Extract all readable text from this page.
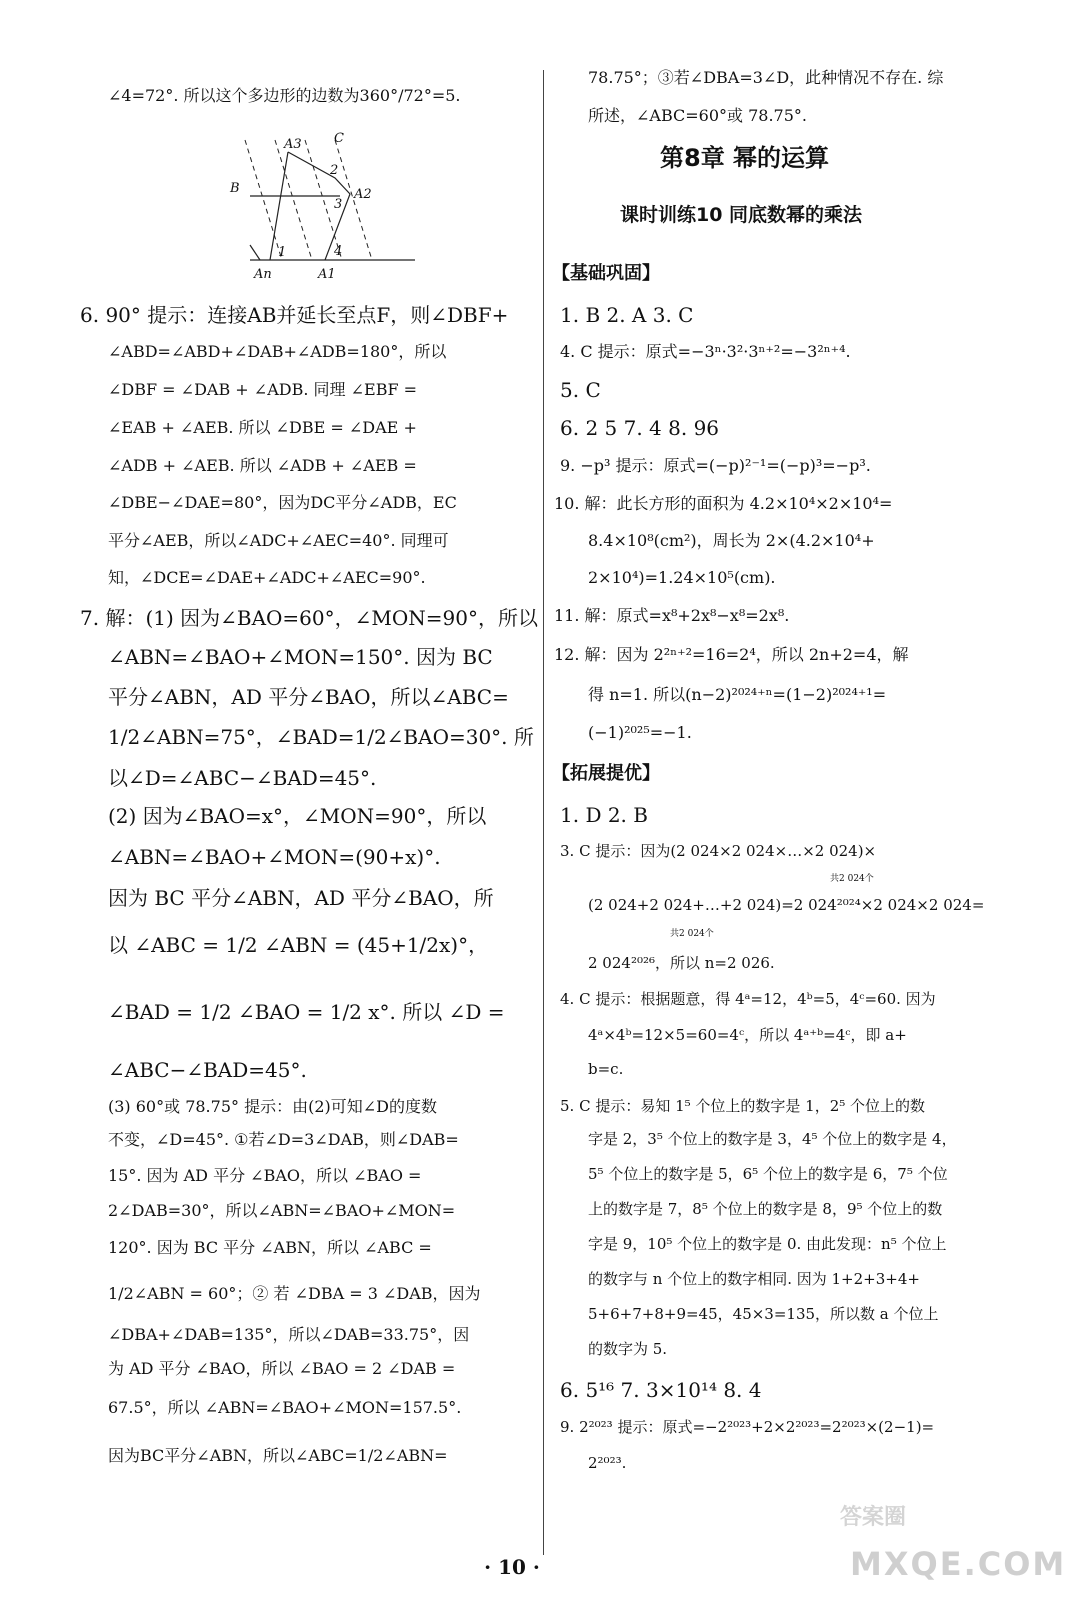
∠4=72°. 所以这个多边形的边数为360°/72°=5.
6. 90° 提示：连接AB并延长至点F，则∠DBF+
∠ABD=∠ABD+∠DAB+∠ADB=180°，所以
∠DBF = ∠DAB + ∠ADB. 同理 ∠EBF =
∠EAB + ∠AEB. 所以 ∠DBE = ∠DAE +
∠ADB + ∠AEB. 所以 ∠ADB + ∠AEB =
∠DBE−∠DAE=80°，因为DC平分∠ADB，EC
平分∠AEB，所以∠ADC+∠AEC=40°. 同理可
知，∠DCE=∠DAE+∠ADC+∠AEC=90°.
7. 解：(1) 因为∠BAO=60°，∠MON=90°，所以
∠ABN=∠BAO+∠MON=150°. 因为 BC
平分∠ABN，AD 平分∠BAO，所以∠ABC=
1/2∠ABN=75°，∠BAD=1/2∠BAO=30°. 所
以∠D=∠ABC−∠BAD=45°.
(2) 因为∠BAO=x°，∠MON=90°，所以
∠ABN=∠BAO+∠MON=(90+x)°.
因为 BC 平分∠ABN，AD 平分∠BAO，所
以 ∠ABC = 1/2 ∠ABN = (45+1/2x)°，
∠BAD = 1/2 ∠BAO = 1/2 x°. 所以 ∠D =
∠ABC−∠BAD=45°.
(3) 60°或 78.75° 提示：由(2)可知∠D的度数
不变，∠D=45°. ①若∠D=3∠DAB，则∠DAB=
15°. 因为 AD 平分 ∠BAO，所以 ∠BAO =
2∠DAB=30°，所以∠ABN=∠BAO+∠MON=
120°. 因为 BC 平分 ∠ABN，所以 ∠ABC =
1/2∠ABN = 60°；② 若 ∠DBA = 3 ∠DAB，因为
∠DBA+∠DAB=135°，所以∠DAB=33.75°，因
为 AD 平分 ∠BAO，所以 ∠BAO = 2 ∠DAB =
67.5°，所以 ∠ABN=∠BAO+∠MON=157.5°.
因为BC平分∠ABN，所以∠ABC=1/2∠ABN=
A3 C
2
B	A2
3
1	4
An	A1
78.75°；③若∠DBA=3∠D，此种情况不存在. 综
所述，∠ABC=60°或 78.75°.
第8章 幂的运算
课时训练10 同底数幂的乘法
【基础巩固】
1. B 2. A 3. C
4. C 提示：原式=−3ⁿ·3²·3ⁿ⁺²=−3²ⁿ⁺⁴.
5. C
6. 2 5 7. 4 8. 96
9. −p³ 提示：原式=(−p)²⁻¹=(−p)³=−p³.
10. 解：此长方形的面积为 4.2×10⁴×2×10⁴=
8.4×10⁸(cm²)，周长为 2×(4.2×10⁴+
2×10⁴)=1.24×10⁵(cm).
11. 解：原式=x⁸+2x⁸−x⁸=2x⁸.
12. 解：因为 2²ⁿ⁺²=16=2⁴，所以 2n+2=4，解
得 n=1. 所以(n−2)²⁰²⁴⁺ⁿ=(1−2)²⁰²⁴⁺¹=
(−1)²⁰²⁵=−1.
【拓展提优】
1. D 2. B
3. C 提示：因为(2 024×2 024×…×2 024)×
共2 024个
(2 024+2 024+…+2 024)=2 024²⁰²⁴×2 024×2 024=
共2 024个
2 024²⁰²⁶，所以 n=2 026.
4. C 提示：根据题意，得 4ᵃ=12，4ᵇ=5，4ᶜ=60. 因为
4ᵃ×4ᵇ=12×5=60=4ᶜ，所以 4ᵃ⁺ᵇ=4ᶜ，即 a+
b=c.
5. C 提示：易知 1⁵ 个位上的数字是 1，2⁵ 个位上的数
字是 2，3⁵ 个位上的数字是 3，4⁵ 个位上的数字是 4，
5⁵ 个位上的数字是 5，6⁵ 个位上的数字是 6，7⁵ 个位
上的数字是 7，8⁵ 个位上的数字是 8，9⁵ 个位上的数
字是 9，10⁵ 个位上的数字是 0. 由此发现：n⁵ 个位上
的数字与 n 个位上的数字相同. 因为 1+2+3+4+
5+6+7+8+9=45，45×3=135，所以数 a 个位上
的数字为 5.
6. 5¹⁶ 7. 3×10¹⁴ 8. 4
9. 2²⁰²³ 提示：原式=−2²⁰²³+2×2²⁰²³=2²⁰²³×(2−1)=
2²⁰²³.
· 10 ·
答案圈
MXQE.COM
